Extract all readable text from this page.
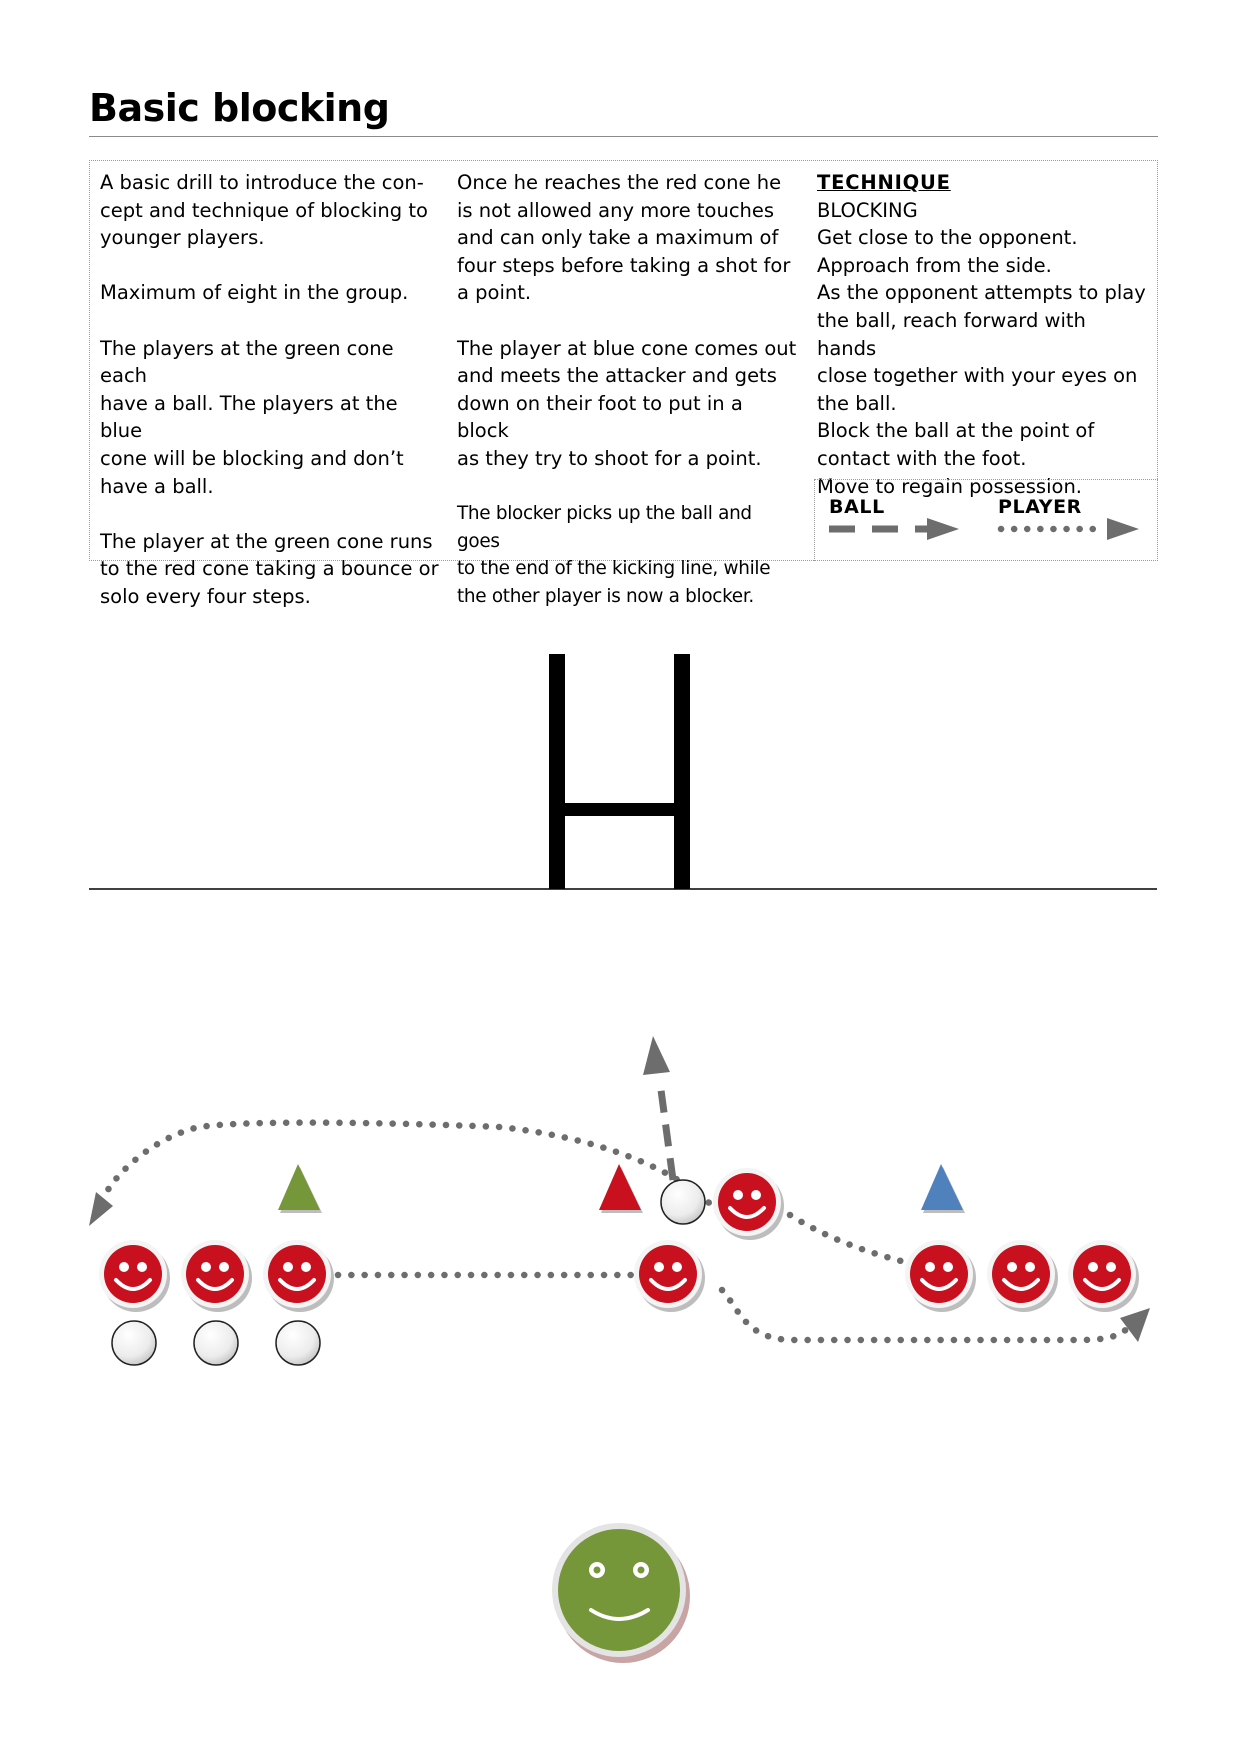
Basic blocking

A basic drill to introduce the con-
cept and technique of blocking to
younger players.

Maximum of eight in the group.

The players at the green cone each
have a ball. The players at the blue
cone will be blocking and don’t
have a ball.

The player at the green cone runs
to the red cone taking a bounce or
solo every four steps.

Once he reaches the red cone he
is not allowed any more touches
and can only take a maximum of
four steps before taking a shot for
a point.

The player at blue cone comes out
and meets the attacker and gets
down on their foot to put in a block
as they try to shoot for a point.

The blocker picks up the ball and goes
to the end of the kicking line, while
the other player is now a blocker.

TECHNIQUE
BLOCKING
Get close to the opponent.
Approach from the side.
As the opponent attempts to play
the ball, reach forward with hands
close together with your eyes on
the ball.
Block the ball at the point of
contact with the foot.
Move to regain possession.
BALL	PLAYER
